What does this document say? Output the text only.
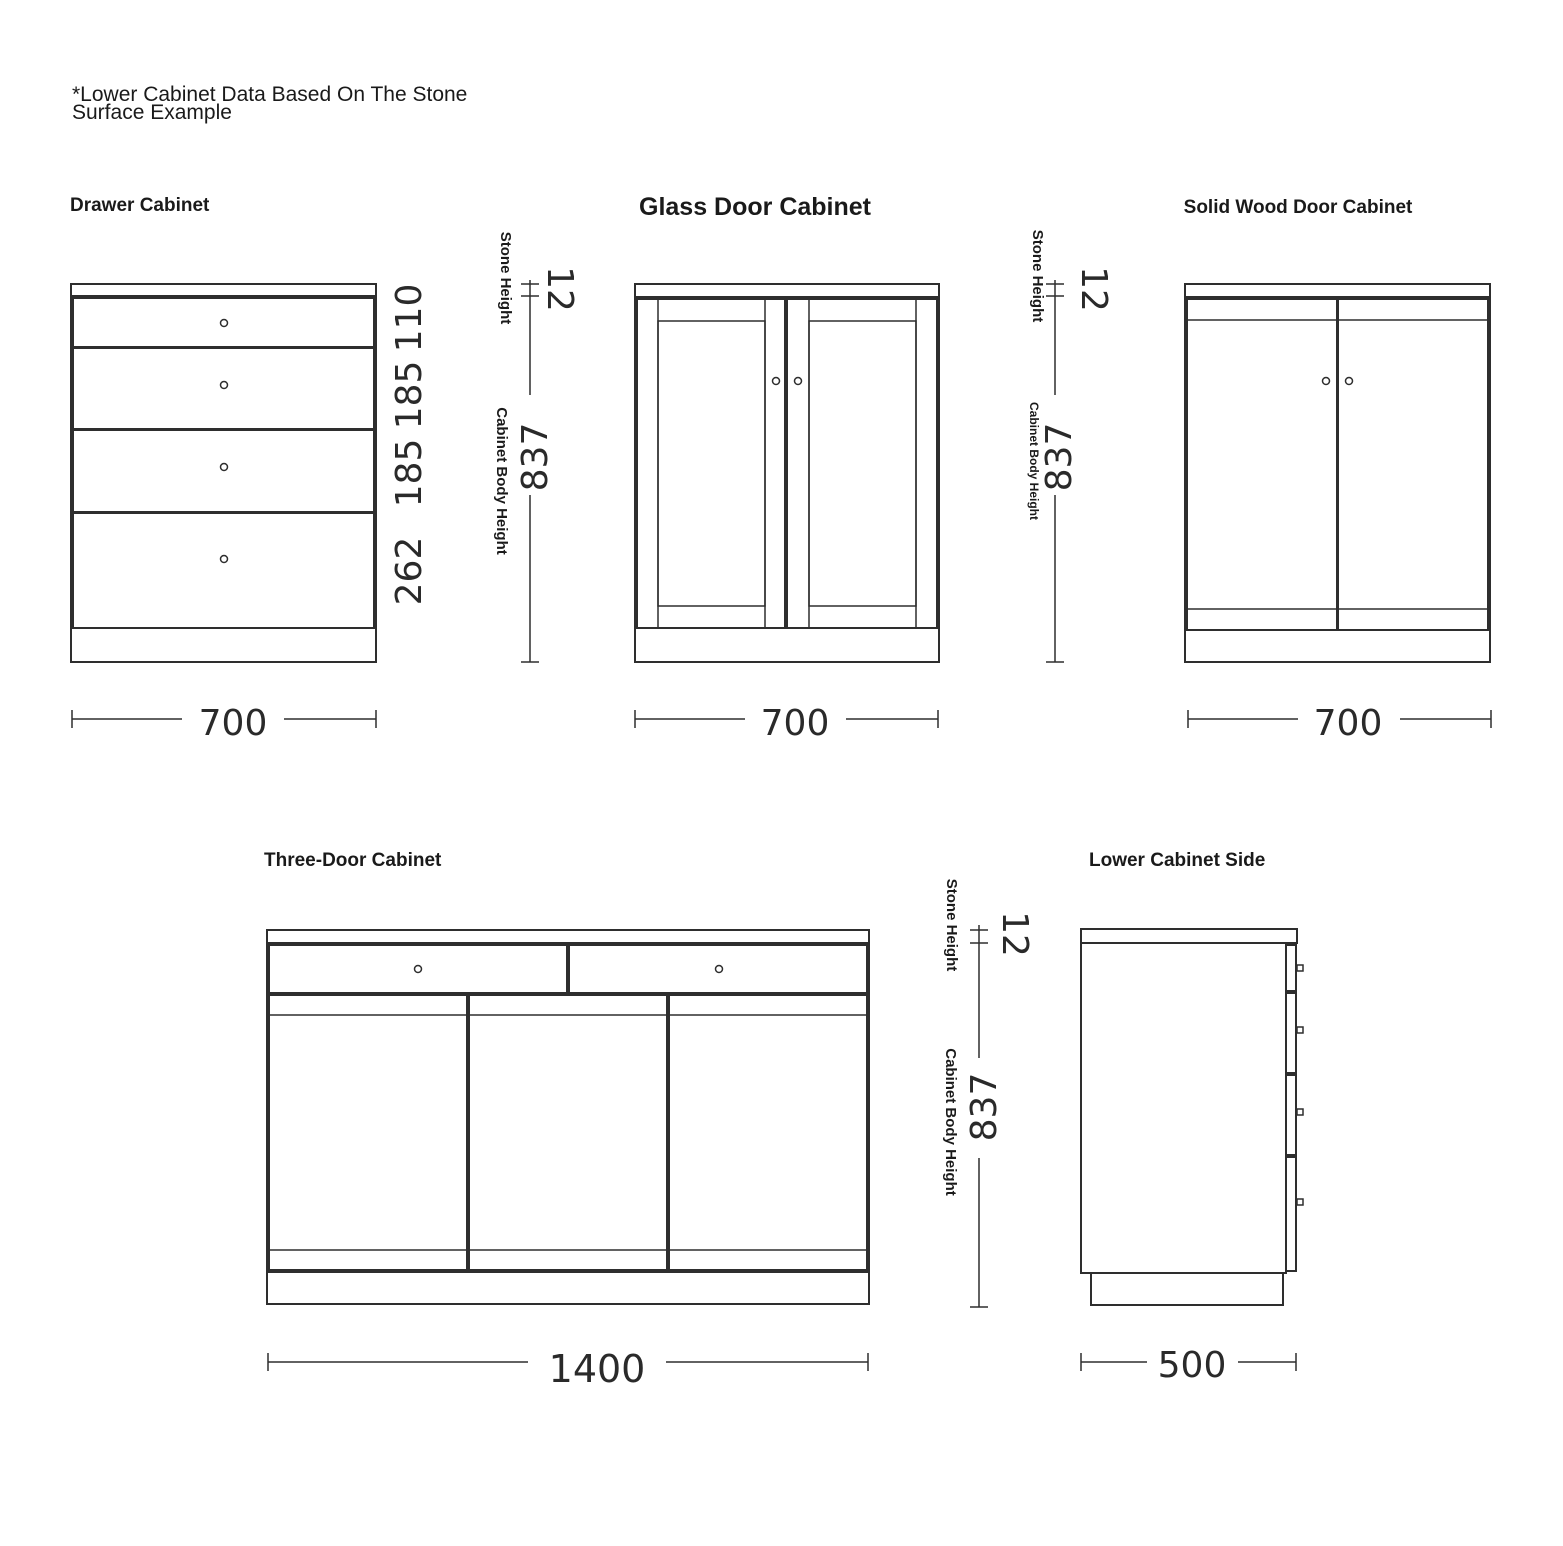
*Lower Cabinet Data Based On The Stone
Surface Example
Drawer Cabinet
110
185
185
262
700
12
837
Stone Height
Cabinet Body Height
Glass Door Cabinet
700
12
837
Stone Height
Cabinet Body Height
Solid Wood Door Cabinet
700
Three-Door Cabinet
1400
12
837
Stone Height
Cabinet Body Height
Lower Cabinet Side
500
